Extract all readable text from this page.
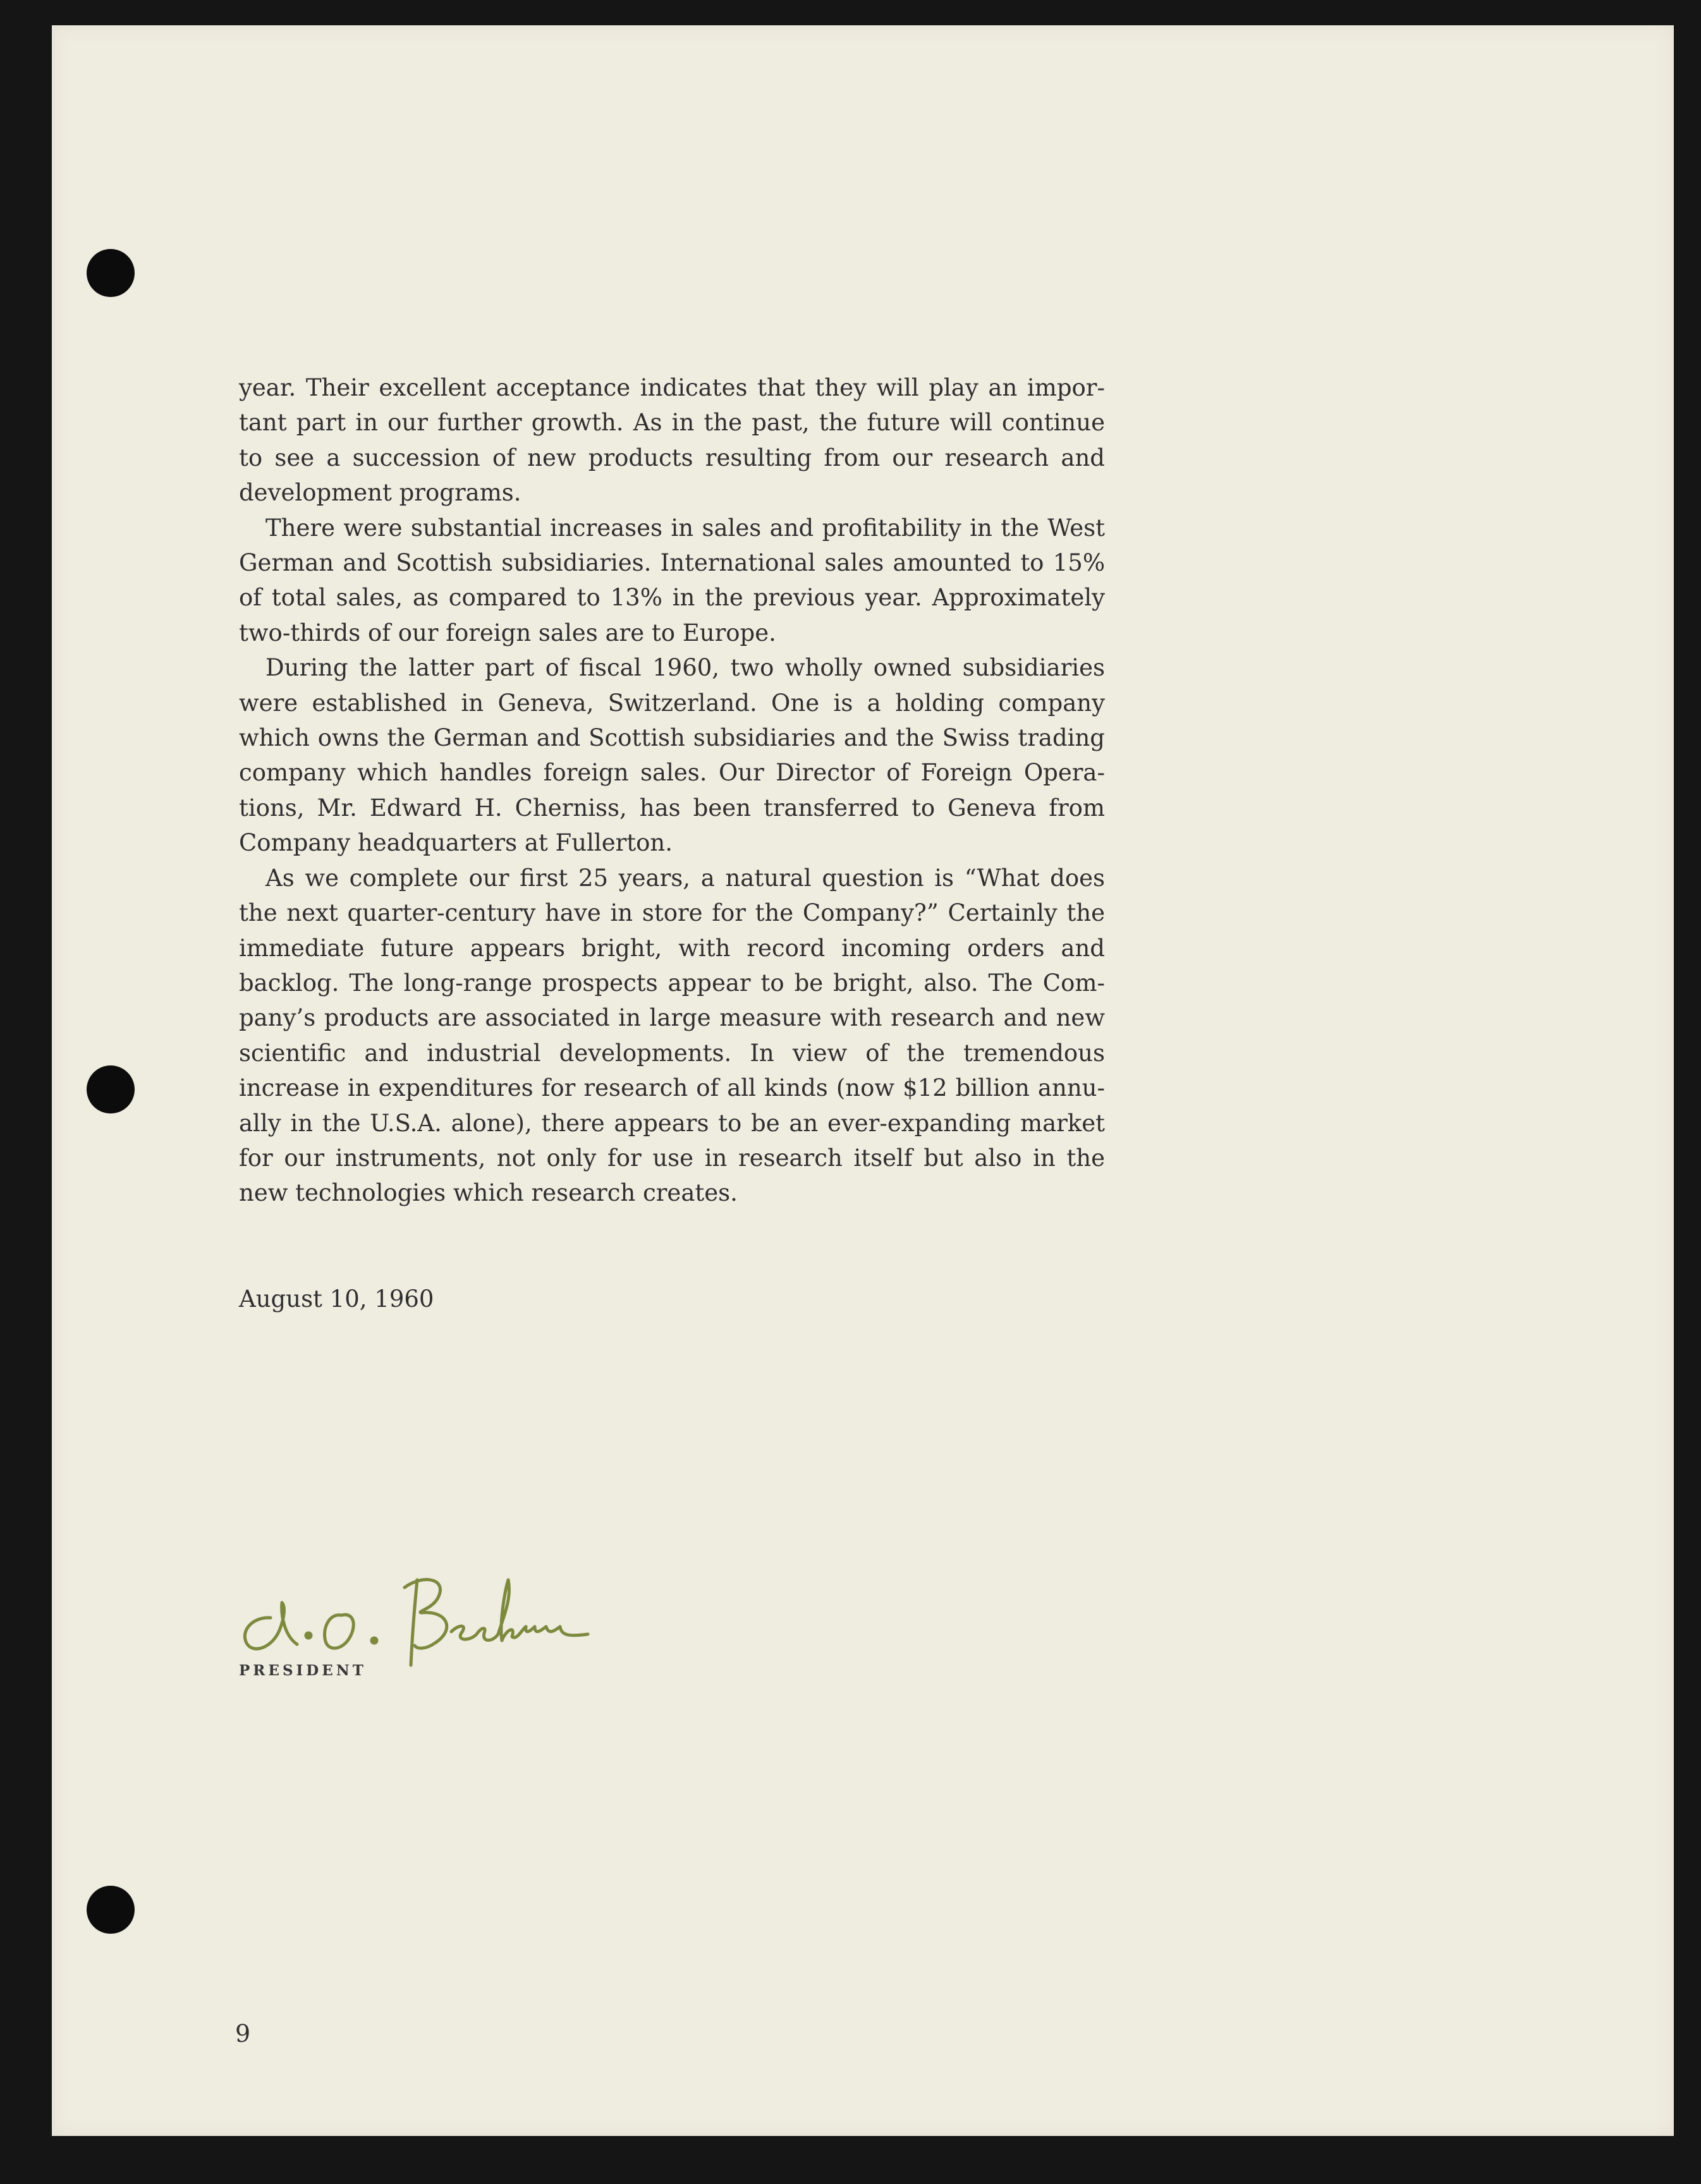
year. Their excellent acceptance indicates that they will play an important part in our further growth. As in the past, the future will continue to see a succession of new products resulting from our research and development programs.

There were substantial increases in sales and profitability in the West German and Scottish subsidiaries. International sales amounted to 15% of total sales, as compared to 13% in the previous year. Approximately two-thirds of our foreign sales are to Europe.

During the latter part of fiscal 1960, two wholly owned subsidiaries were established in Geneva, Switzerland. One is a holding company which owns the German and Scottish subsidiaries and the Swiss trading company which handles foreign sales. Our Director of Foreign Operations, Mr. Edward H. Cherniss, has been transferred to Geneva from Company headquarters at Fullerton.

As we complete our first 25 years, a natural question is “What does the next quarter-century have in store for the Company?” Certainly the immediate future appears bright, with record incoming orders and backlog. The long-range prospects appear to be bright, also. The Company’s products are associated in large measure with research and new scientific and industrial developments. In view of the tremendous increase in expenditures for research of all kinds (now $12 billion annually in the U.S.A. alone), there appears to be an ever-expanding market for our instruments, not only for use in research itself but also in the new technologies which research creates.

August 10, 1960
PRESIDENT
9
